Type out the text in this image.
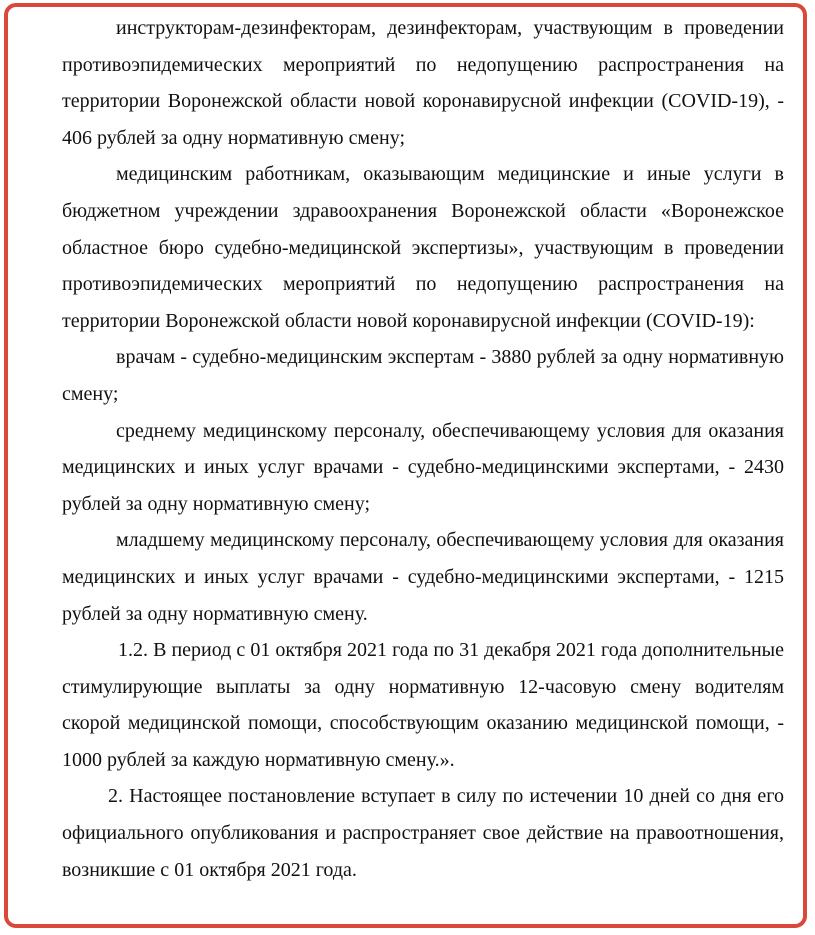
инструкторам-дезинфекторам, дезинфекторам, участвующим в проведении противоэпидемических мероприятий по недопущению распространения на территории Воронежской области новой коронавирусной инфекции (COVID-19), - 406 рублей за одну нормативную смену;

медицинским работникам, оказывающим медицинские и иные услуги в бюджетном учреждении здравоохранения Воронежской области «Воронежское областное бюро судебно-медицинской экспертизы», участвующим в проведении противоэпидемических мероприятий по недопущению распространения на территории Воронежской области новой коронавирусной инфекции (COVID-19):

врачам - судебно-медицинским экспертам - 3880 рублей за одну нормативную смену;

среднему медицинскому персоналу, обеспечивающему условия для оказания медицинских и иных услуг врачами - судебно-медицинскими экспертами, - 2430 рублей за одну нормативную смену;

младшему медицинскому персоналу, обеспечивающему условия для оказания медицинских и иных услуг врачами - судебно-медицинскими экспертами, - 1215 рублей за одну нормативную смену.

1.2. В период с 01 октября 2021 года по 31 декабря 2021 года дополнительные стимулирующие выплаты за одну нормативную 12-часовую смену водителям скорой медицинской помощи, способствующим оказанию медицинской помощи, - 1000 рублей за каждую нормативную смену.».

2. Настоящее постановление вступает в силу по истечении 10 дней со дня его официального опубликования и распространяет свое действие на правоотношения, возникшие с 01 октября 2021 года.
